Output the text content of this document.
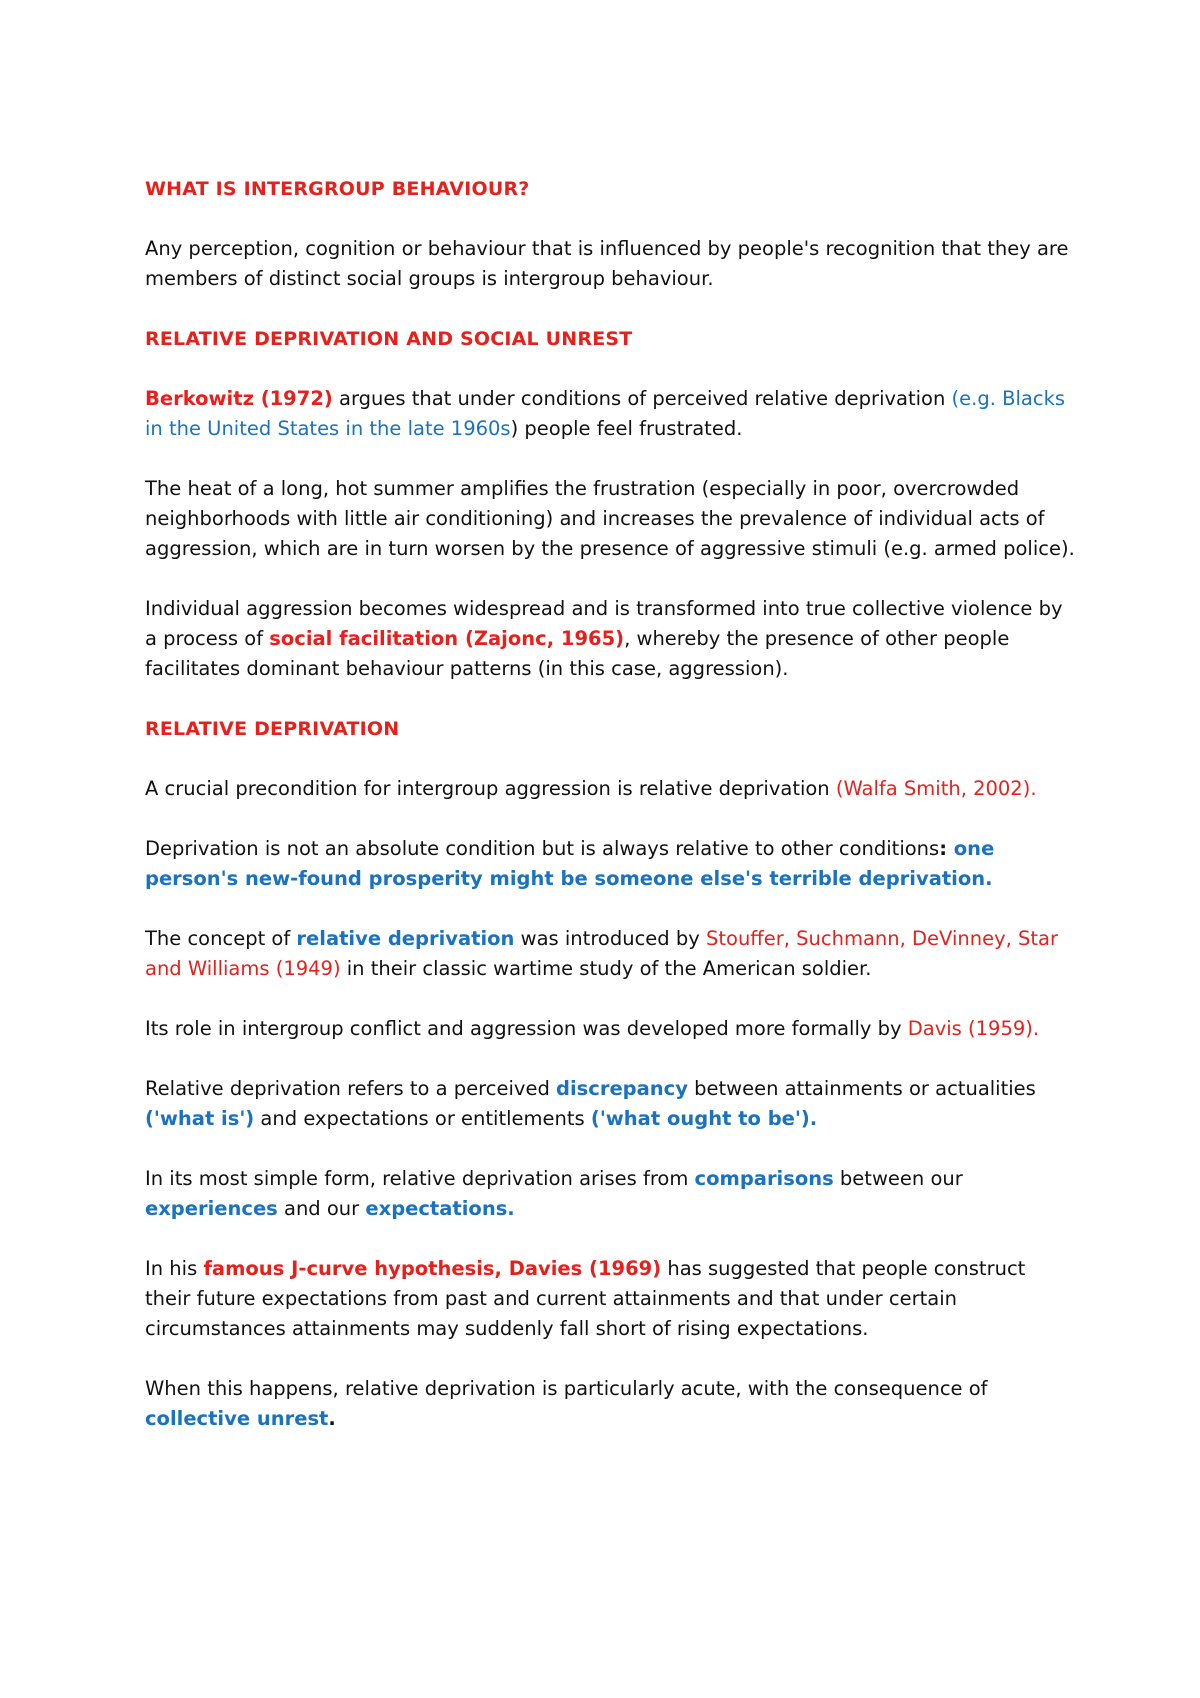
WHAT IS INTERGROUP BEHAVIOUR?

Any perception, cognition or behaviour that is influenced by people's recognition that they are members of distinct social groups is intergroup behaviour.

RELATIVE DEPRIVATION AND SOCIAL UNREST

Berkowitz (1972) argues that under conditions of perceived relative deprivation (e.g. Blacks in the United States in the late 1960s) people feel frustrated.

The heat of a long, hot summer amplifies the frustration (especially in poor, overcrowded neighborhoods with little air conditioning) and increases the prevalence of individual acts of aggression, which are in turn worsen by the presence of aggressive stimuli (e.g. armed police).

Individual aggression becomes widespread and is transformed into true collective violence by a process of social facilitation (Zajonc, 1965), whereby the presence of other people facilitates dominant behaviour patterns (in this case, aggression).

RELATIVE DEPRIVATION

A crucial precondition for intergroup aggression is relative deprivation (Walfa Smith, 2002).

Deprivation is not an absolute condition but is always relative to other conditions: one person's new-found prosperity might be someone else's terrible deprivation.

The concept of relative deprivation was introduced by Stouffer, Suchmann, DeVinney, Star and Williams (1949) in their classic wartime study of the American soldier.

Its role in intergroup conflict and aggression was developed more formally by Davis (1959).

Relative deprivation refers to a perceived discrepancy between attainments or actualities ('what is') and expectations or entitlements ('what ought to be').

In its most simple form, relative deprivation arises from comparisons between our experiences and our expectations.

In his famous J-curve hypothesis, Davies (1969) has suggested that people construct their future expectations from past and current attainments and that under certain circumstances attainments may suddenly fall short of rising expectations.

When this happens, relative deprivation is particularly acute, with the consequence of collective unrest.
